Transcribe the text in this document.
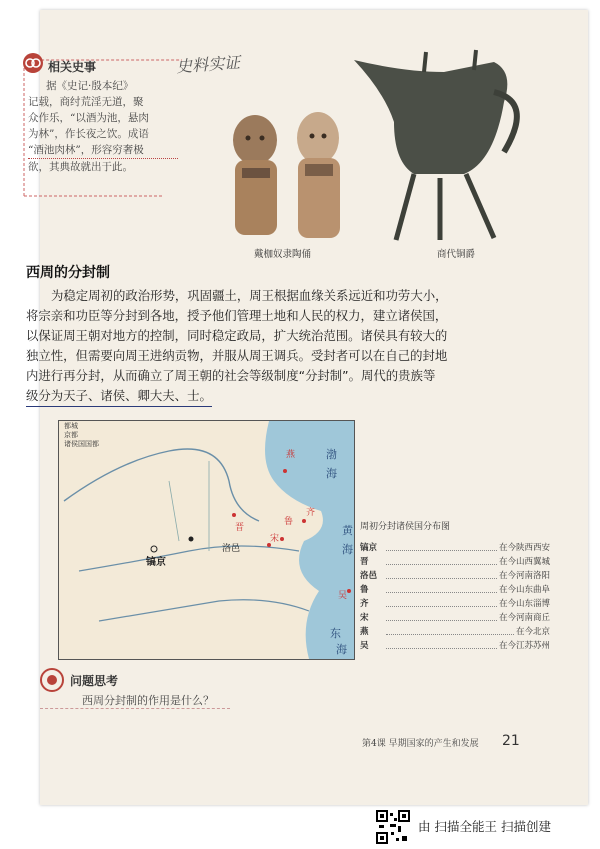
相关史事
据《史记·殷本纪》
记载，商纣荒淫无道，聚
众作乐，“以酒为池，悬肉
为林”，作长夜之饮。成语
“酒池肉林”，形容穷奢极
欲，其典故就出于此。
史料实证
戴枷奴隶陶俑	商代铜爵
西周的分封制
为稳定周初的政治形势，巩固疆土，周王根据血缘关系远近和功劳大小，
将宗亲和功臣等分封到各地，授予他们管理土地和人民的权力，建立诸侯国，
以保证周王朝对地方的控制，同时稳定政局，扩大统治范围。诸侯具有较大的
独立性，但需要向周王进纳贡物，并服从周王调兵。受封者可以在自己的封地
内进行再分封，从而确立了周王朝的社会等级制度“分封制”。周代的贵族等
级分为天子、诸侯、卿大夫、士。
都城
京都
诸侯国国都
镐京
洛邑
燕
晋
齐
鲁
宋
吴
渤
海
黄
海
东
海
周初分封诸侯国分布图
镐京	在今陕西西安
晋	在今山西翼城
洛邑	在今河南洛阳
鲁	在今山东曲阜
齐	在今山东淄博
宋	在今河南商丘
燕	在今北京
吴	在今江苏苏州
问题思考
西周分封制的作用是什么？
第4课 早期国家的产生和发展 21
由 扫描全能王 扫描创建
